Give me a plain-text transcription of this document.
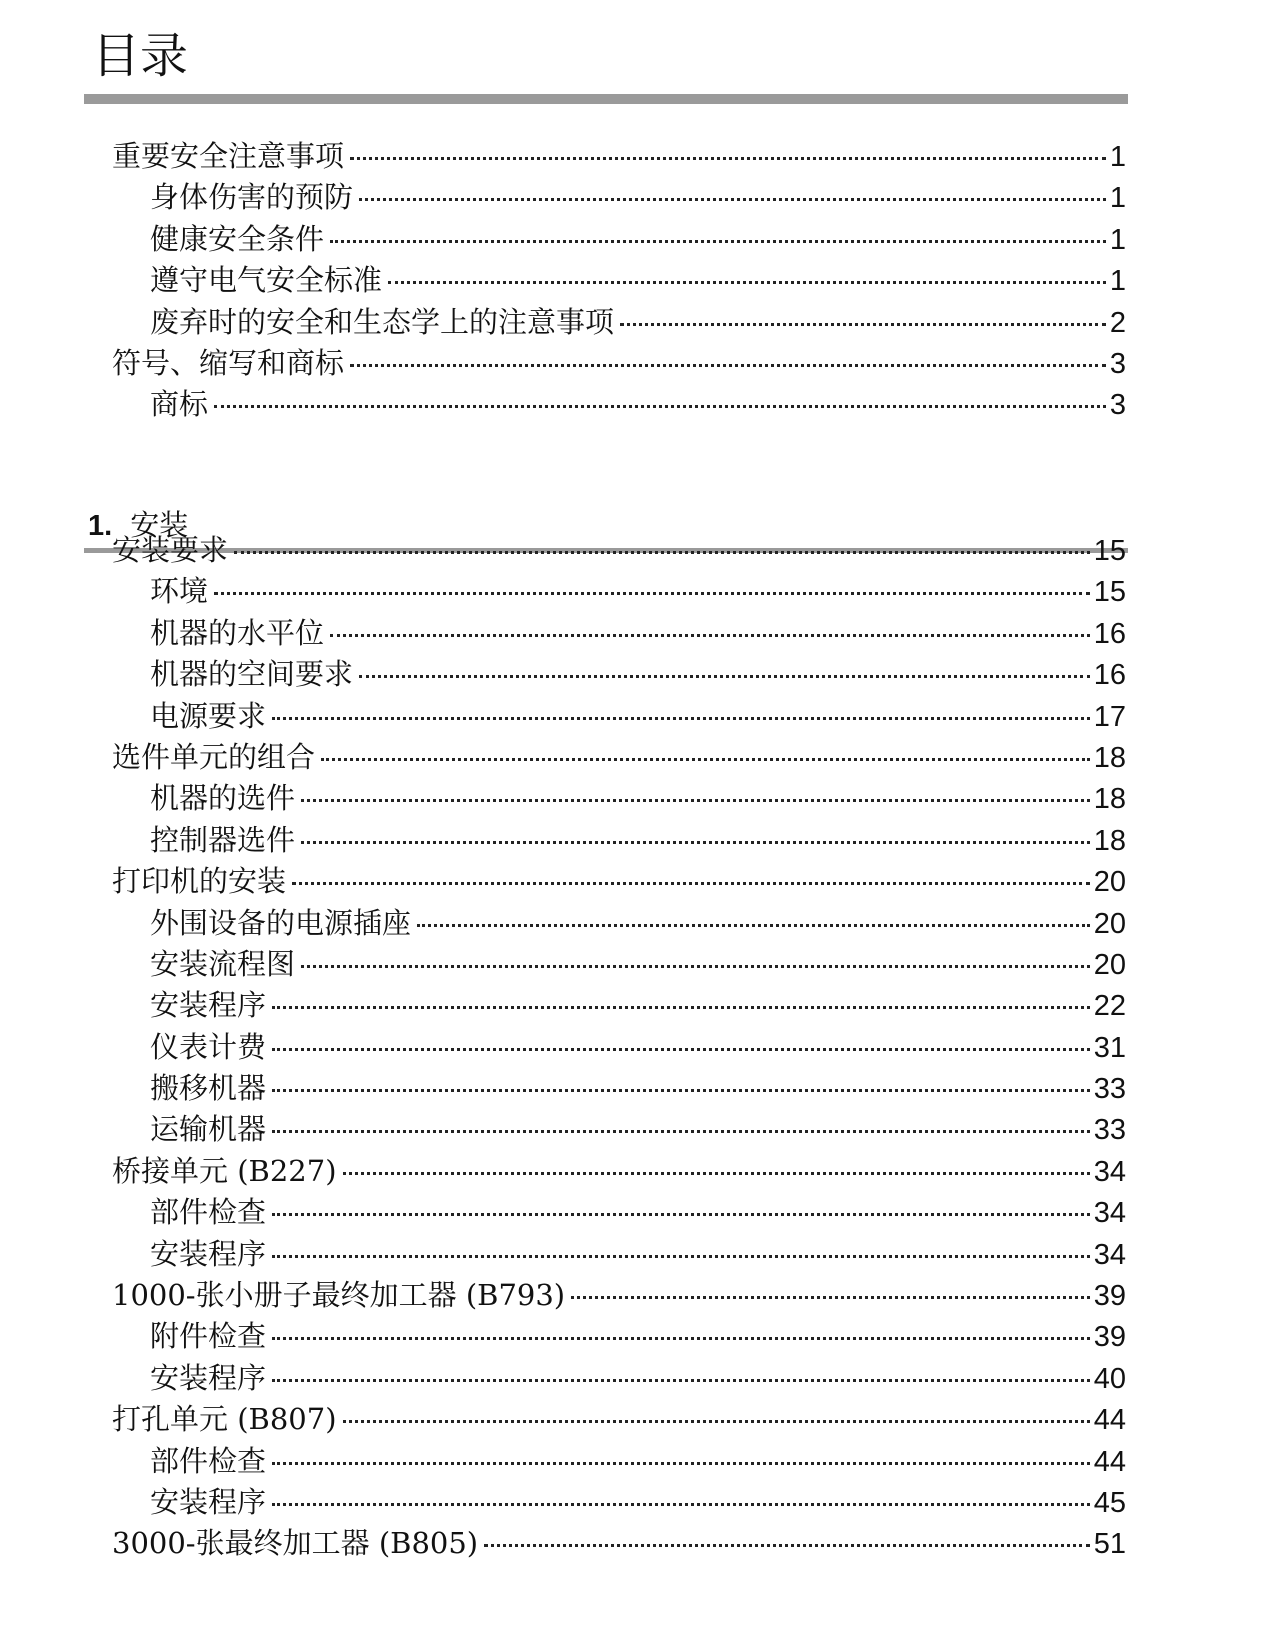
目录
重要安全注意事项	1
身体伤害的预防	1
健康安全条件	1
遵守电气安全标准	1
废弃时的安全和生态学上的注意事项	2
符号、缩写和商标	3
商标	3
1. 安装
安装要求	15
环境	15
机器的水平位	16
机器的空间要求	16
电源要求	17
选件单元的组合	18
机器的选件	18
控制器选件	18
打印机的安装	20
外围设备的电源插座	20
安装流程图	20
安装程序	22
仪表计费	31
搬移机器	33
运输机器	33
桥接单元 (B227)	34
部件检查	34
安装程序	34
1000-张小册子最终加工器 (B793)	39
附件检查	39
安装程序	40
打孔单元 (B807)	44
部件检查	44
安装程序	45
3000-张最终加工器 (B805)	51
